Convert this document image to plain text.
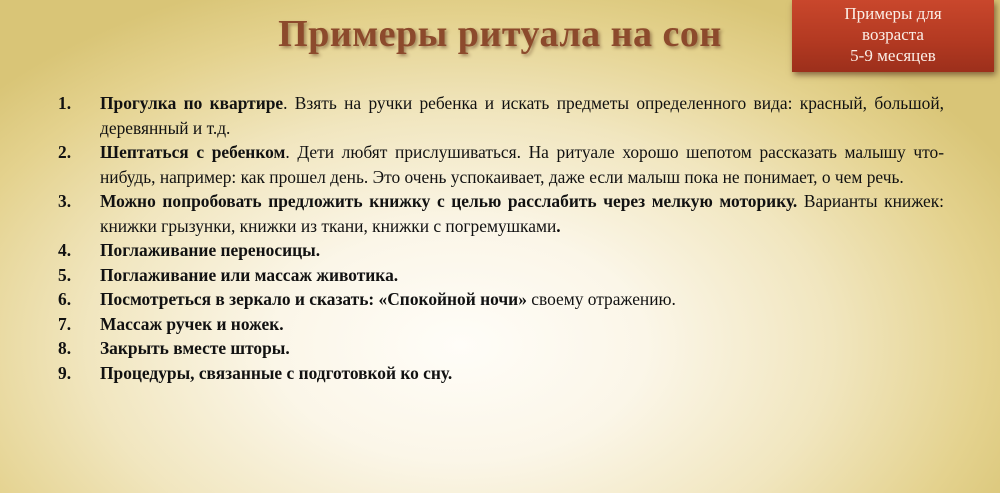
Примеры ритуала на сон	Примеры для
возраста
5-9 месяцев
1. Прогулка по квартире. Взять на ручки ребенка и искать предметы определенного вида: красный, большой, деревянный и т.д.
2. Шептаться с ребенком. Дети любят прислушиваться. На ритуале хорошо шепотом рассказать малышу что-нибудь, например: как прошел день. Это очень успокаивает, даже если малыш пока не понимает, о чем речь.
3. Можно попробовать предложить книжку с целью расслабить через мелкую моторику. Варианты книжек: книжки грызунки, книжки из ткани, книжки с погремушками.
4. Поглаживание переносицы.
5. Поглаживание или массаж животика.
6. Посмотреться в зеркало и сказать: «Спокойной ночи» своему отражению.
7. Массаж ручек и ножек.
8. Закрыть вместе шторы.
9. Процедуры, связанные с подготовкой ко сну.
